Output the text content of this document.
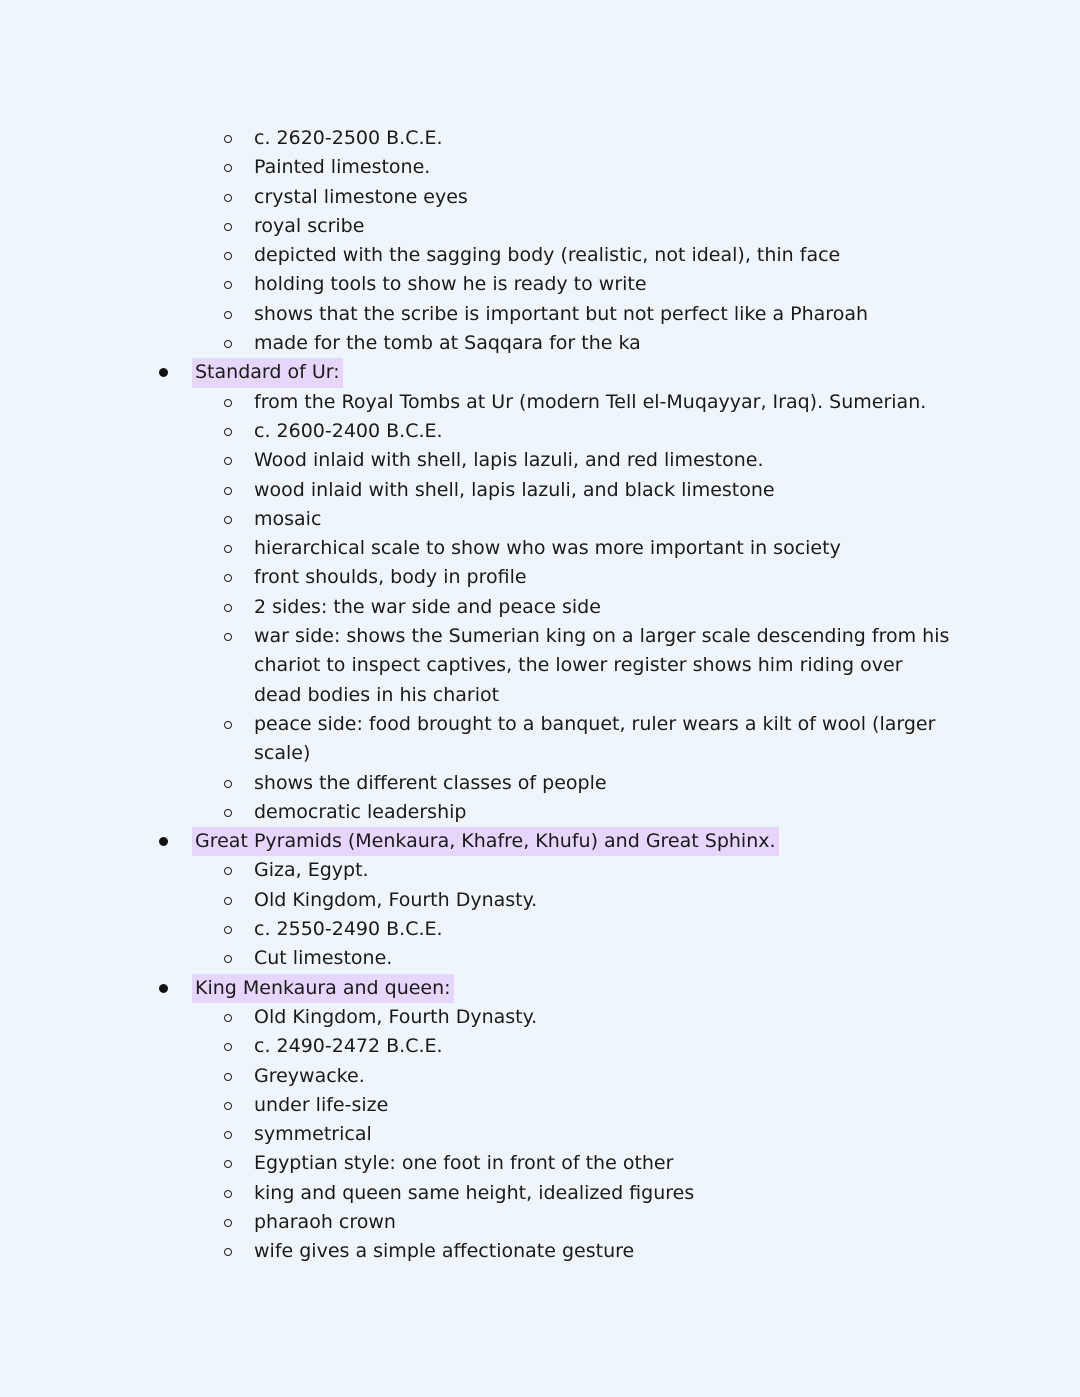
c. 2620-2500 B.C.E.
Painted limestone.
crystal limestone eyes
royal scribe
depicted with the sagging body (realistic, not ideal), thin face
holding tools to show he is ready to write
shows that the scribe is important but not perfect like a Pharoah
made for the tomb at Saqqara for the ka
Standard of Ur:
from the Royal Tombs at Ur (modern Tell el-Muqayyar, Iraq). Sumerian.
c. 2600-2400 B.C.E.
Wood inlaid with shell, lapis lazuli, and red limestone.
wood inlaid with shell, lapis lazuli, and black limestone
mosaic
hierarchical scale to show who was more important in society
front shoulds, body in profile
2 sides: the war side and peace side
war side: shows the Sumerian king on a larger scale descending from his chariot to inspect captives, the lower register shows him riding over dead bodies in his chariot
peace side: food brought to a banquet, ruler wears a kilt of wool (larger scale)
shows the different classes of people
democratic leadership
Great Pyramids (Menkaura, Khafre, Khufu) and Great Sphinx.
Giza, Egypt.
Old Kingdom, Fourth Dynasty.
c. 2550-2490 B.C.E.
Cut limestone.
King Menkaura and queen:
Old Kingdom, Fourth Dynasty.
c. 2490-2472 B.C.E.
Greywacke.
under life-size
symmetrical
Egyptian style: one foot in front of the other
king and queen same height, idealized figures
pharaoh crown
wife gives a simple affectionate gesture
